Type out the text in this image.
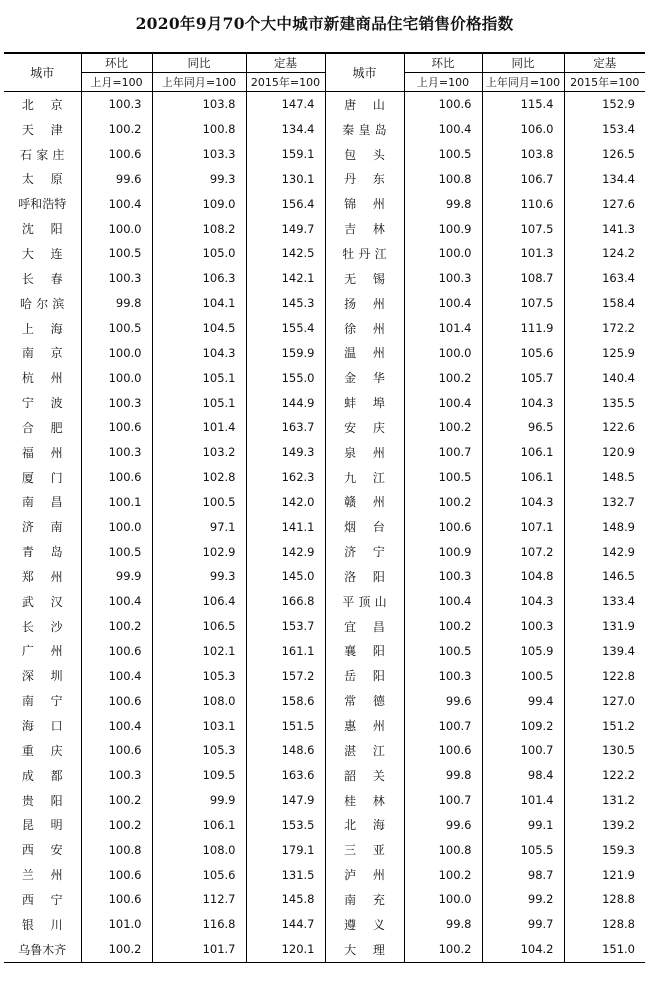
2020年9月70个大中城市新建商品住宅销售价格指数
城市	环比	同比	定基	城市	环比	同比	定基
	上月=100	上年同月=100	2015年=100		上月=100	上年同月=100	2015年=100
北京	100.3	103.8	147.4	唐山	100.6	115.4	152.9
天津	100.2	100.8	134.4	秦皇岛	100.4	106.0	153.4
石家庄	100.6	103.3	159.1	包头	100.5	103.8	126.5
太原	99.6	99.3	130.1	丹东	100.8	106.7	134.4
呼和浩特	100.4	109.0	156.4	锦州	99.8	110.6	127.6
沈阳	100.0	108.2	149.7	吉林	100.9	107.5	141.3
大连	100.5	105.0	142.5	牡丹江	100.0	101.3	124.2
长春	100.3	106.3	142.1	无锡	100.3	108.7	163.4
哈尔滨	99.8	104.1	145.3	扬州	100.4	107.5	158.4
上海	100.5	104.5	155.4	徐州	101.4	111.9	172.2
南京	100.0	104.3	159.9	温州	100.0	105.6	125.9
杭州	100.0	105.1	155.0	金华	100.2	105.7	140.4
宁波	100.3	105.1	144.9	蚌埠	100.4	104.3	135.5
合肥	100.6	101.4	163.7	安庆	100.2	96.5	122.6
福州	100.3	103.2	149.3	泉州	100.7	106.1	120.9
厦门	100.6	102.8	162.3	九江	100.5	106.1	148.5
南昌	100.1	100.5	142.0	赣州	100.2	104.3	132.7
济南	100.0	97.1	141.1	烟台	100.6	107.1	148.9
青岛	100.5	102.9	142.9	济宁	100.9	107.2	142.9
郑州	99.9	99.3	145.0	洛阳	100.3	104.8	146.5
武汉	100.4	106.4	166.8	平顶山	100.4	104.3	133.4
长沙	100.2	106.5	153.7	宜昌	100.2	100.3	131.9
广州	100.6	102.1	161.1	襄阳	100.5	105.9	139.4
深圳	100.4	105.3	157.2	岳阳	100.3	100.5	122.8
南宁	100.6	108.0	158.6	常德	99.6	99.4	127.0
海口	100.4	103.1	151.5	惠州	100.7	109.2	151.2
重庆	100.6	105.3	148.6	湛江	100.6	100.7	130.5
成都	100.3	109.5	163.6	韶关	99.8	98.4	122.2
贵阳	100.2	99.9	147.9	桂林	100.7	101.4	131.2
昆明	100.2	106.1	153.5	北海	99.6	99.1	139.2
西安	100.8	108.0	179.1	三亚	100.8	105.5	159.3
兰州	100.6	105.6	131.5	泸州	100.2	98.7	121.9
西宁	100.6	112.7	145.8	南充	100.0	99.2	128.8
银川	101.0	116.8	144.7	遵义	99.8	99.7	128.8
乌鲁木齐	100.2	101.7	120.1	大理	100.2	104.2	151.0
